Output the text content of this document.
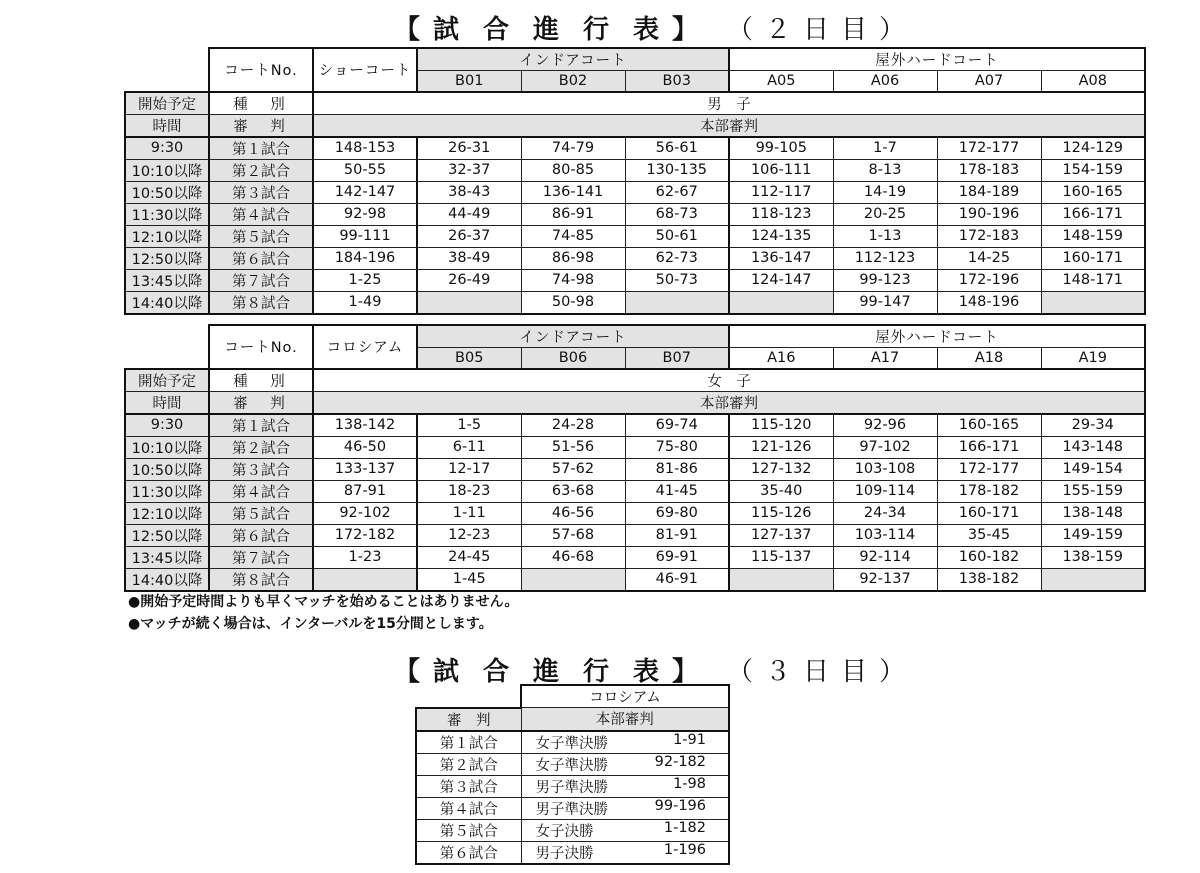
【 試 合 進 行 表 】 （２日目）
	コートNo.	ショーコート	インドアコート			屋外ハードコート			
			B01	B02	B03	A05	A06	A07	A08
開始予定	種　別	男　子							
時間	審　判	本部審判							
9:30	第１試合	148-153	26-31	74-79	56-61	99-105	1-7	172-177	124-129
10:10以降	第２試合	50-55	32-37	80-85	130-135	106-111	8-13	178-183	154-159
10:50以降	第３試合	142-147	38-43	136-141	62-67	112-117	14-19	184-189	160-165
11:30以降	第４試合	92-98	44-49	86-91	68-73	118-123	20-25	190-196	166-171
12:10以降	第５試合	99-111	26-37	74-85	50-61	124-135	1-13	172-183	148-159
12:50以降	第６試合	184-196	38-49	86-98	62-73	136-147	112-123	14-25	160-171
13:45以降	第７試合	1-25	26-49	74-98	50-73	124-147	99-123	172-196	148-171
14:40以降	第８試合	1-49		50-98			99-147	148-196	
	コートNo.	コロシアム	インドアコート			屋外ハードコート			
			B05	B06	B07	A16	A17	A18	A19
開始予定	種　別	女　子							
時間	審　判	本部審判							
9:30	第１試合	138-142	1-5	24-28	69-74	115-120	92-96	160-165	29-34
10:10以降	第２試合	46-50	6-11	51-56	75-80	121-126	97-102	166-171	143-148
10:50以降	第３試合	133-137	12-17	57-62	81-86	127-132	103-108	172-177	149-154
11:30以降	第４試合	87-91	18-23	63-68	41-45	35-40	109-114	178-182	155-159
12:10以降	第５試合	92-102	1-11	46-56	69-80	115-126	24-34	160-171	138-148
12:50以降	第６試合	172-182	12-23	57-68	81-91	127-137	103-114	35-45	149-159
13:45以降	第７試合	1-23	24-45	46-68	69-91	115-137	92-114	160-182	138-159
14:40以降	第８試合		1-45		46-91		92-137	138-182	
●開始予定時間よりも早くマッチを始めることはありません。
●マッチが続く場合は、インターバルを15分間とします。
【 試 合 進 行 表 】 （３日目）
	コロシアム
審　判	本部審判
第１試合	女子準決勝 1-91

第２試合	女子準決勝 92-182

第３試合	男子準決勝 1-98

第４試合	男子準決勝 99-196

第５試合	女子決勝 1-182

第６試合	男子決勝 1-196
